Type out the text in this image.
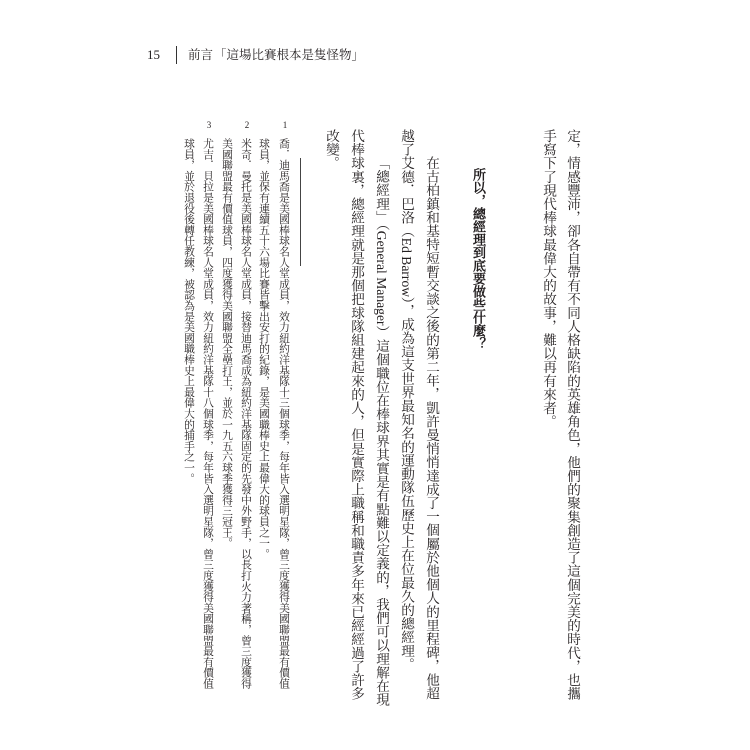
15 前言 「這場比賽根本是隻怪物」
定，情感豐沛，卻各自帶有不同人格缺陷的英雄角色，他們的聚集創造了這個完美的時代，也攜
手寫下了現代棒球最偉大的故事，難以再有來者。
所以，總經理到底要做些什麼？
在古柏鎮和基特短暫交談之後的第二年，凱許曼悄悄達成了一個屬於他個人的里程碑，他超
越了艾德．巴洛（Ed Barrow），成為這支世界最知名的運動隊伍歷史上在位最久的總經理。
「總經理」（General Manager）這個職位在棒球界其實是有點難以定義的，我們可以理解在現
代棒球裏，總經理就是那個把球隊組建起來的人，但是實際上職稱和職責多年來已經經過了許多
改變。
1
喬．迪馬喬是美國棒球名人堂成員，效力紐約洋基隊十三個球季，每年皆入選明星隊，曾三度獲得美國聯盟最有價值
球員，並保有連續五十六場比賽皆擊出安打的紀錄，是美國職棒史上最偉大的球員之一。
2
米奇．曼托是美國棒球名人堂成員，接替迪馬喬成為紐約洋基隊固定的先發中外野手，以長打火力著稱，曾三度獲得
美國聯盟最有價值球員，四度獲得美國聯盟全壘打王，並於一九五六球季獲得三冠王。
3
尤吉．貝拉是美國棒球名人堂成員，效力紐約洋基隊十八個球季，每年皆入選明星隊，曾三度獲得美國聯盟最有價值
球員，並於退役後轉任教練，被認為是美國職棒史上最偉大的捕手之一。
